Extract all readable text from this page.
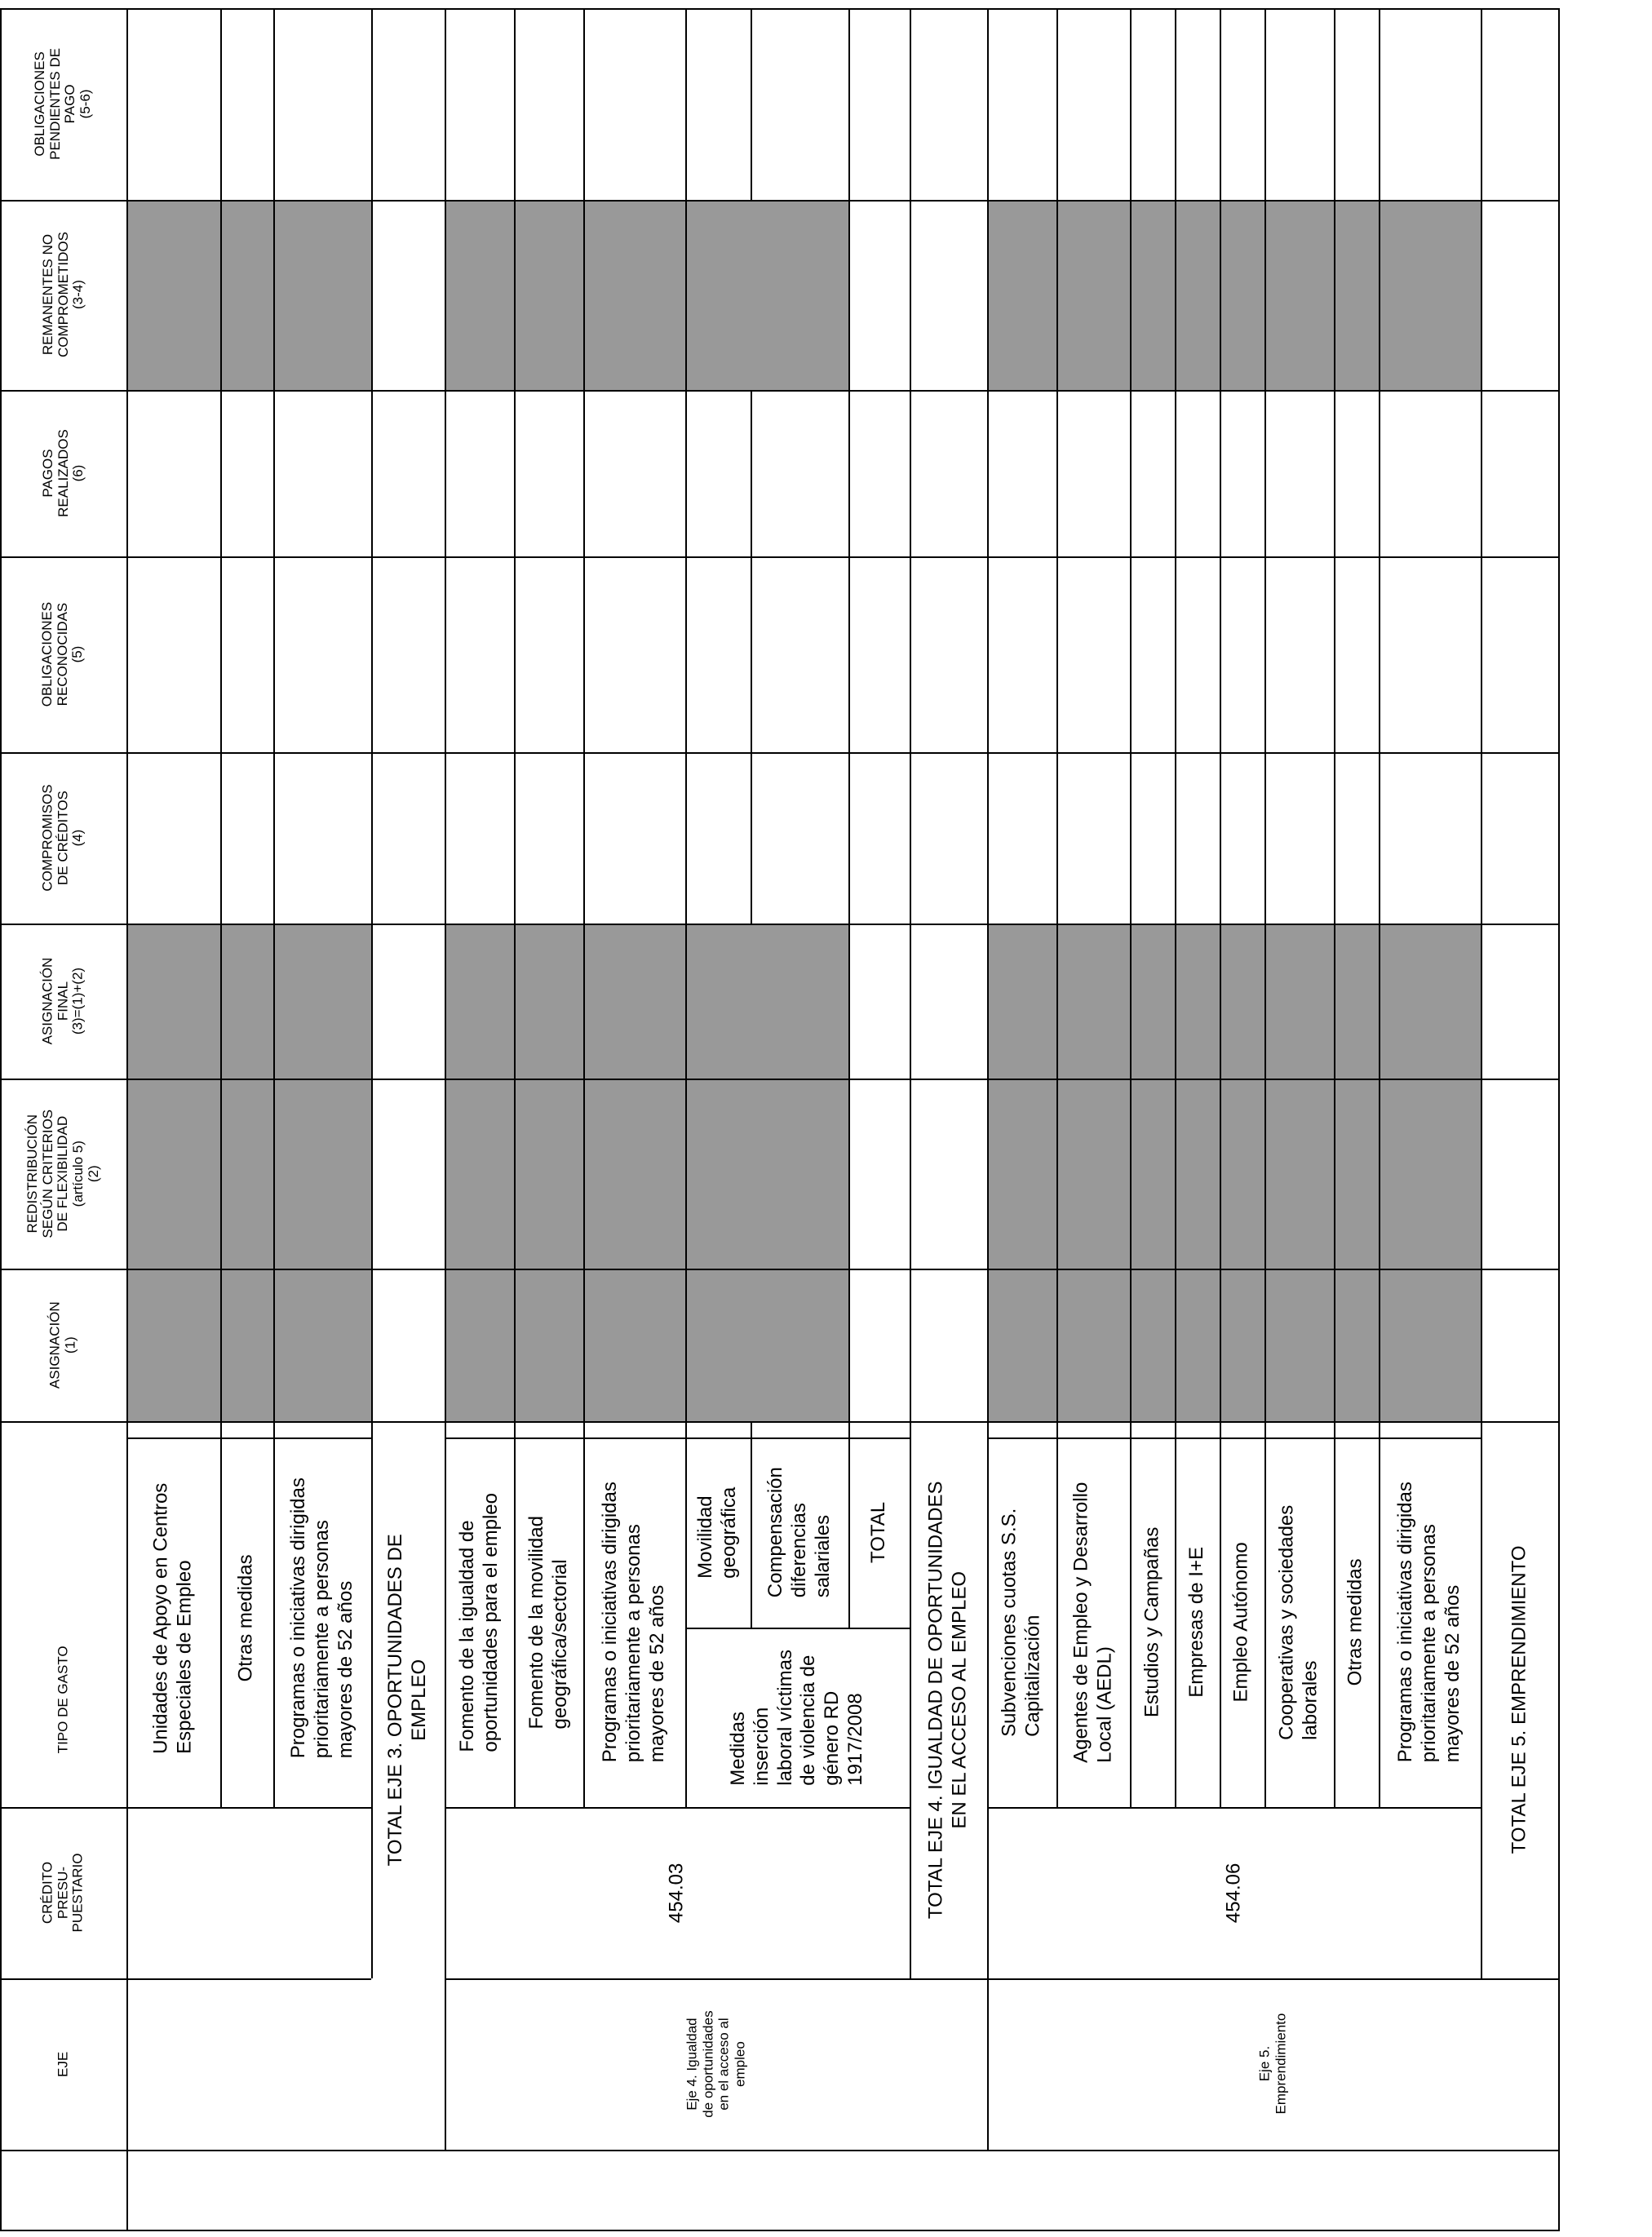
EJE
CRÉDITO PRESU- PUESTARIO
TIPO DE GASTO
ASIGNACIÓN (1)
REDISTRIBUCIÓN SEGÚN CRITERIOS DE FLEXIBILIDAD (artículo 5) (2)
ASIGNACIÓN FINAL (3)=(1)+(2)
COMPROMISOS DE CRÉDITOS (4)
OBLIGACIONES RECONOCIDAS (5)
PAGOS REALIZADOS (6)
REMANENTES NO COMPROMETIDOS (3-4)
OBLIGACIONES PENDIENTES DE PAGO (5-6)
Unidades de Apoyo en Centros Especiales de Empleo Otras medidas Programas o iniciativas dirigidas prioritariamente a personas mayores de 52 años TOTAL EJE 3. OPORTUNIDADES DE EMPLEO
Eje 4. Igualdad de oportunidades en el acceso al empleo
454.03
Fomento de la igualdad de oportunidades para el empleo Fomento de la movilidad geográfica/sectorial Programas o iniciativas dirigidas prioritariamente a personas mayores de 52 años	Medidas inserción laboral víctimas de violencia de género RD 1917/2008
Movilidad geográfica Compensación diferencias salariales TOTAL TOTAL EJE 4. IGUALDAD DE OPORTUNIDADES EN EL ACCESO AL EMPLEO
Eje 5. Emprendimiento
454.06
Subvenciones cuotas S.S. Capitalización Agentes de Empleo y Desarrollo Local (AEDL) Estudios y Campañas Empresas de I+E Empleo Autónomo Cooperativas y sociedades laborales
Otras medidas Programas o iniciativas dirigidas prioritariamente a personas mayores de 52 años TOTAL EJE 5. EMPRENDIMIENTO
